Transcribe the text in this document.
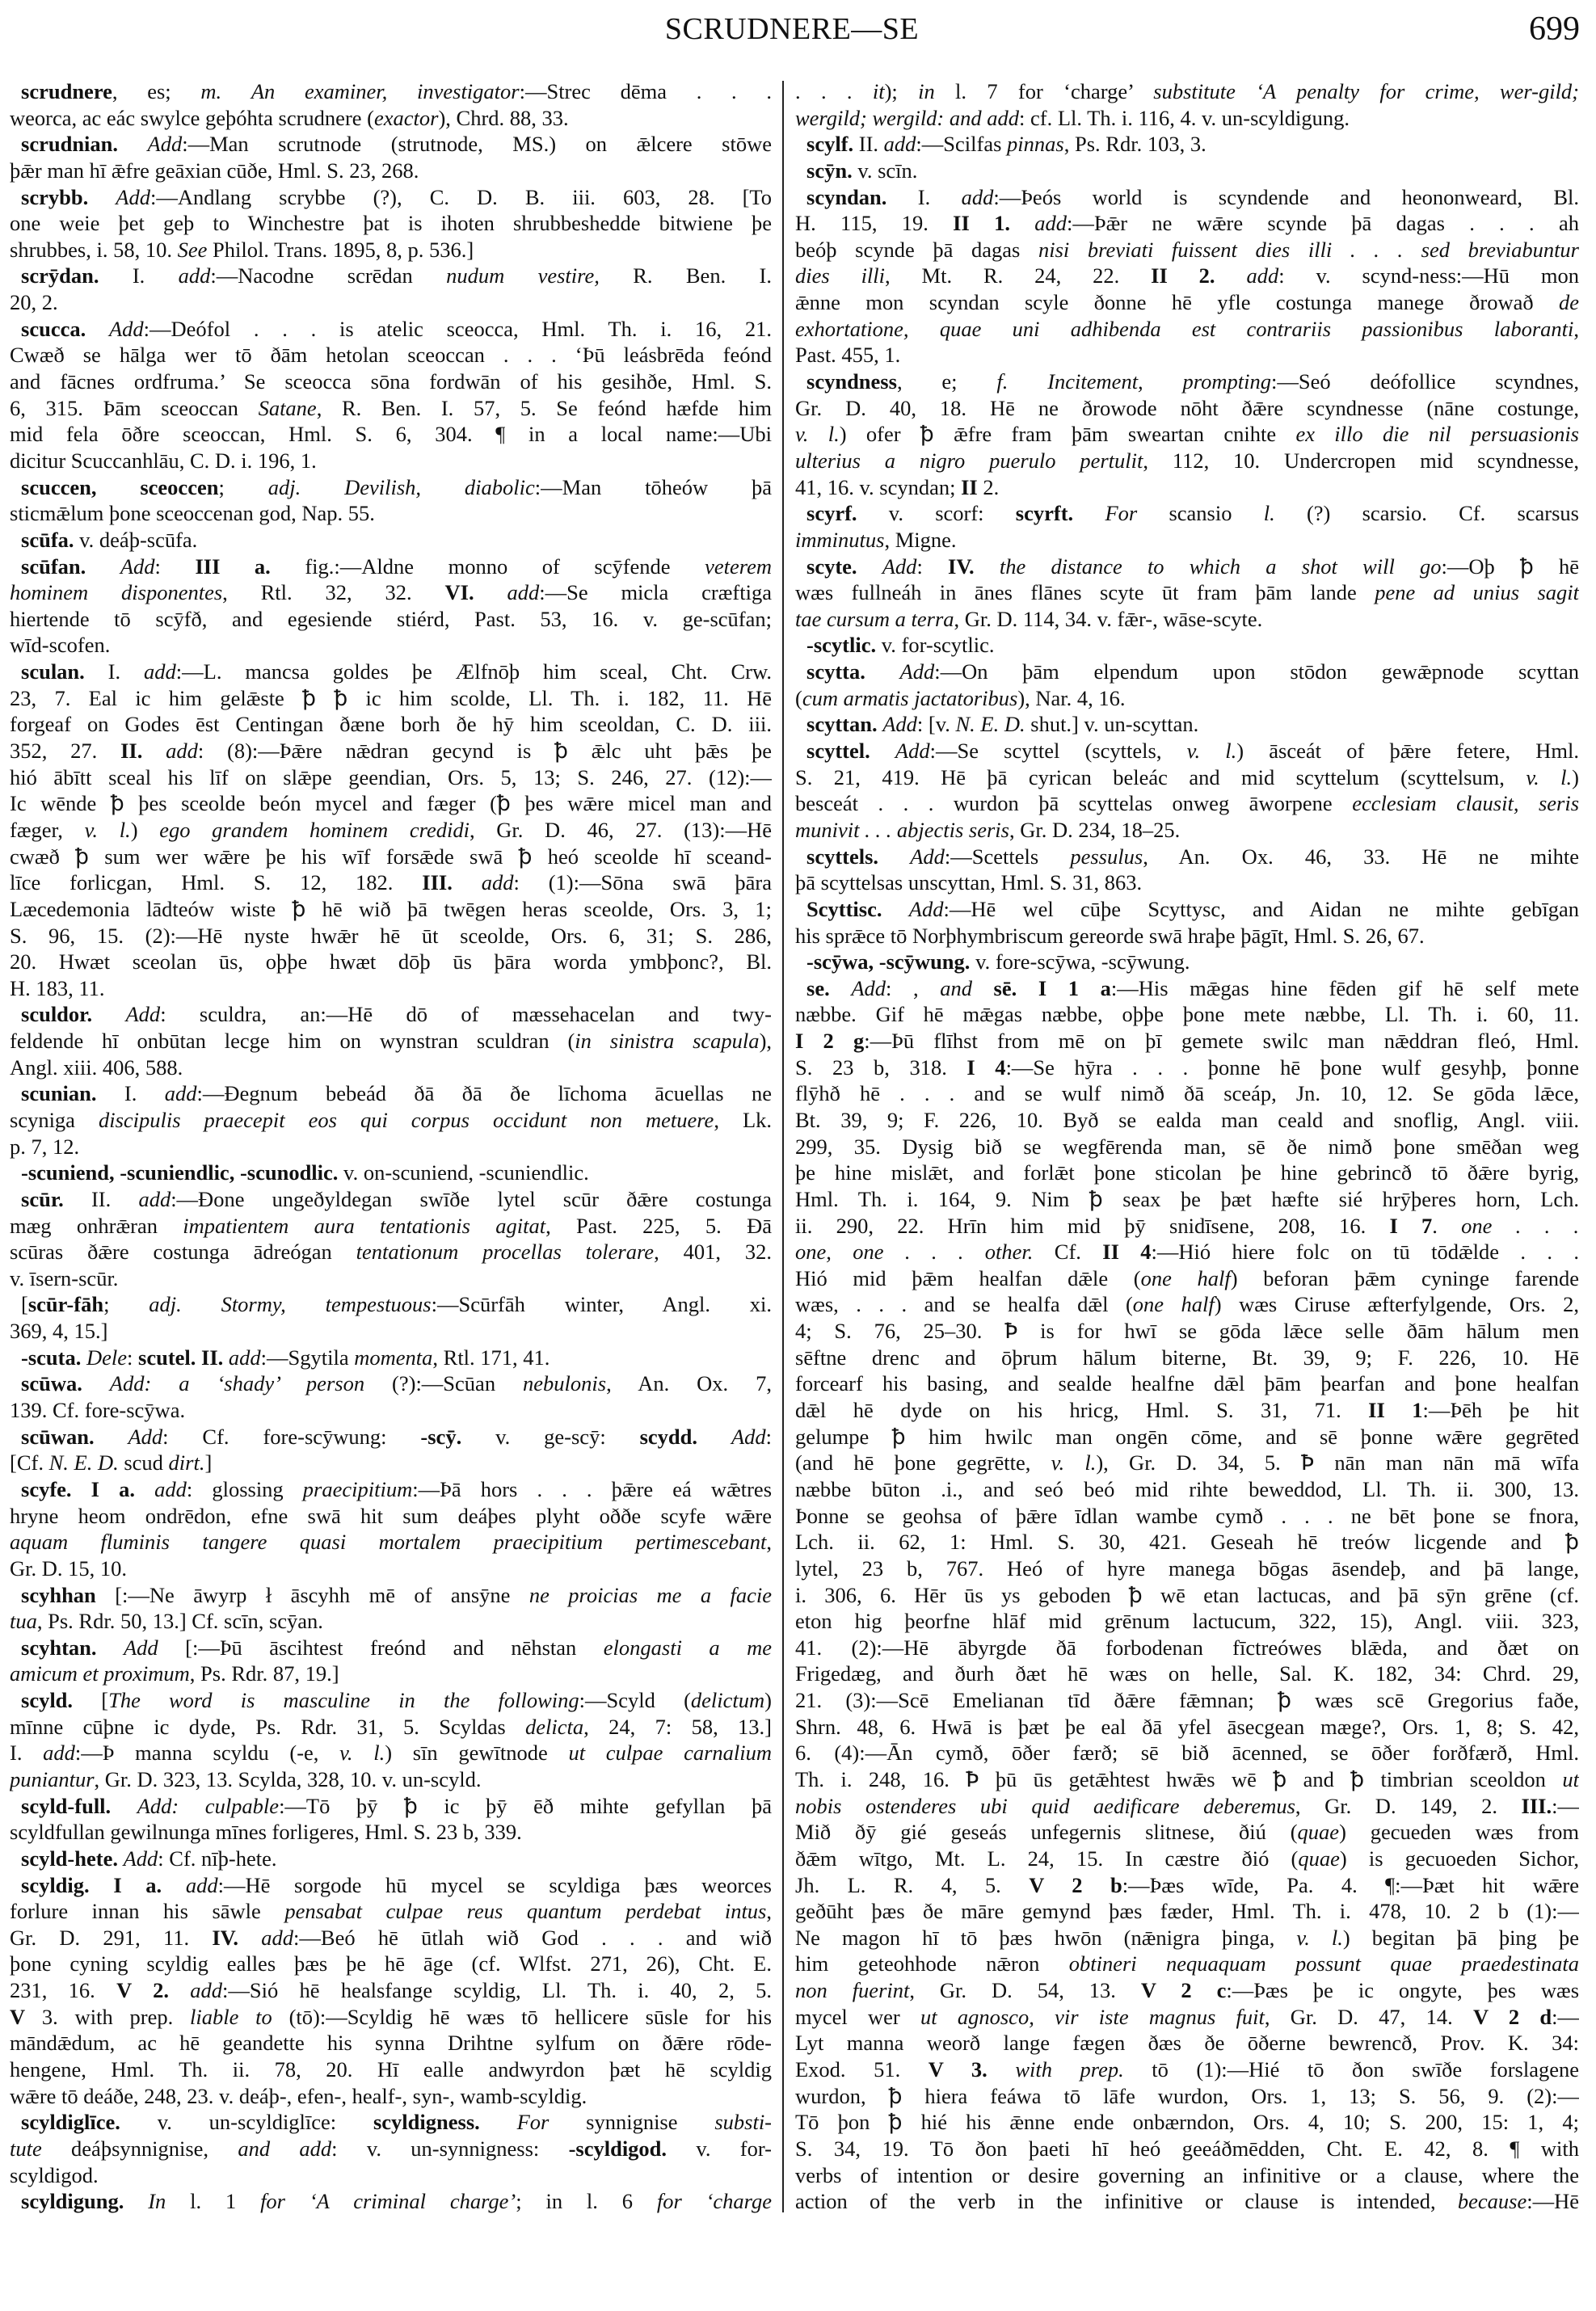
SCRUDNERE—SE	699
scrudnere, es; m. An examiner, investigator:—Strec dēma . . .
weorca, ac eác swylce geþóhta scrudnere (exactor), Chrd. 88, 33.
scrudnian. Add:—Man scrutnode (strutnode, MS.) on ǣlcere stōwe
þǣr man hī ǣfre geāxian cūðe, Hml. S. 23, 268.
scrybb. Add:—Andlang scrybbe (?), C. D. B. iii. 603, 28. [To
one weie þet geþ to Winchestre þat is ihoten shrubbeshedde bitwiene þe
shrubbes, i. 58, 10. See Philol. Trans. 1895, 8, p. 536.]
scrȳdan. I. add:—Nacodne scrēdan nudum vestire, R. Ben. I.
20, 2.
scucca. Add:—Deófol . . . is atelic sceocca, Hml. Th. i. 16, 21.
Cwæð se hālga wer tō ðām hetolan sceoccan . . . ‘Þū leásbrēda feónd
and fācnes ordfruma.’ Se sceocca sōna fordwān of his gesihðe, Hml. S.
6, 315. Þām sceoccan Satane, R. Ben. I. 57, 5. Se feónd hæfde him
mid fela ōðre sceoccan, Hml. S. 6, 304. ¶ in a local name:—Ubi
dicitur Scuccanhlāu, C. D. i. 196, 1.
scuccen, sceoccen; adj. Devilish, diabolic:—Man tōheów þā
sticmǣlum þone sceoccenan god, Nap. 55.
scūfa. v. deáþ-scūfa.
scūfan. Add: III a. fig.:—Aldne monno of scȳfende veterem
hominem disponentes, Rtl. 32, 32. VI. add:—Se micla cræftiga
hiertende tō scȳfð, and egesiende stiérd, Past. 53, 16. v. ge-scūfan;
wīd-scofen.
sculan. I. add:—L. mancsa goldes þe Ælfnōþ him sceal, Cht. Crw.
23, 7. Eal ic him gelǣste ꝥ ꝥ ic him scolde, Ll. Th. i. 182, 11. Hē
forgeaf on Godes ēst Centingan ðæne borh ðe hȳ him sceoldan, C. D. iii.
352, 27. II. add: (8):—Þǣre nǣdran gecynd is ꝥ ǣlc uht þǣs þe
hió ābītt sceal his līf on slǣpe geendian, Ors. 5, 13; S. 246, 27. (12):—
Ic wēnde ꝥ þes sceolde beón mycel and fæger (ꝥ þes wǣre micel man and
fæger, v. l.) ego grandem hominem credidi, Gr. D. 46, 27. (13):—Hē
cwæð ꝥ sum wer wǣre þe his wīf forsǣde swā ꝥ heó sceolde hī sceand-
līce forlicgan, Hml. S. 12, 182. III. add: (1):—Sōna swā þāra
Læcedemonia lādteów wiste ꝥ hē wið þā twēgen heras sceolde, Ors. 3, 1;
S. 96, 15. (2):—Hē nyste hwǣr hē ūt sceolde, Ors. 6, 31; S. 286,
20. Hwæt sceolan ūs, oþþe hwæt dōþ ūs þāra worda ymbþonc?, Bl.
H. 183, 11.
sculdor. Add: sculdra, an:—Hē dō of mæssehacelan and twy-
feldende hī onbūtan lecge him on wynstran sculdran (in sinistra scapula),
Angl. xiii. 406, 588.
scunian. I. add:—Ðegnum bebeád ðā ðā ðe līchoma ācuellas ne
scyniga discipulis praecepit eos qui corpus occidunt non metuere, Lk.
p. 7, 12.
-scuniend, -scuniendlic, -scunodlic. v. on-scuniend, -scuniendlic.
scūr. II. add:—Ðone ungeðyldegan swīðe lytel scūr ðǣre costunga
mæg onhrǣran impatientem aura tentationis agitat, Past. 225, 5. Ðā
scūras ðǣre costunga ādreógan tentationum procellas tolerare, 401, 32.
v. īsern-scūr.
[scūr-fāh; adj. Stormy, tempestuous:—Scūrfāh winter, Angl. xi.
369, 4, 15.]
-scuta. Dele: scutel. II. add:—Sgytila momenta, Rtl. 171, 41.
scūwa. Add: a ‘shady’ person (?):—Scūan nebulonis, An. Ox. 7,
139. Cf. fore-scȳwa.
scūwan. Add: Cf. fore-scȳwung: -scȳ. v. ge-scȳ: scydd. Add:
[Cf. N. E. D. scud dirt.]
scyfe. I a. add: glossing praecipitium:—Þā hors . . . þǣre eá wǣtres
hryne heom ondrēdon, efne swā hit sum deáþes plyht oððe scyfe wǣre
aquam fluminis tangere quasi mortalem praecipitium pertimescebant,
Gr. D. 15, 10.
scyhhan [:—Ne āwyrp ł āscyhh mē of ansȳne ne proicias me a facie
tua, Ps. Rdr. 50, 13.] Cf. scīn, scȳan.
scyhtan. Add [:—Þū āscihtest freónd and nēhstan elongasti a me
amicum et proximum, Ps. Rdr. 87, 19.]
scyld. [The word is masculine in the following:—Scyld (delictum)
mīnne cūþne ic dyde, Ps. Rdr. 31, 5. Scyldas delicta, 24, 7: 58, 13.]
I. add:—Þ manna scyldu (-e, v. l.) sīn gewītnode ut culpae carnalium
puniantur, Gr. D. 323, 13. Scylda, 328, 10. v. un-scyld.
scyld-full. Add: culpable:—Tō þȳ ꝥ ic þȳ ēð mihte gefyllan þā
scyldfullan gewilnunga mīnes forligeres, Hml. S. 23 b, 339.
scyld-hete. Add: Cf. nīþ-hete.
scyldig. I a. add:—Hē sorgode hū mycel se scyldiga þæs weorces
forlure innan his sāwle pensabat culpae reus quantum perdebat intus,
Gr. D. 291, 11. IV. add:—Beó hē ūtlah wið God . . . and wið
þone cyning scyldig ealles þæs þe hē āge (cf. Wlfst. 271, 26), Cht. E.
231, 16. V 2. add:—Sió hē healsfange scyldig, Ll. Th. i. 40, 2, 5.
V 3. with prep. liable to (tō):—Scyldig hē wæs tō hellicere sūsle for his
māndǣdum, ac hē geandette his synna Drihtne sylfum on ðǣre rōde-
hengene, Hml. Th. ii. 78, 20. Hī ealle andwyrdon þæt hē scyldig
wǣre tō deáðe, 248, 23. v. deáþ-, efen-, healf-, syn-, wamb-scyldig.
scyldiglīce. v. un-scyldiglīce: scyldigness. For synnignise substi-
tute deáþsynnignise, and add: v. un-synnigness: -scyldigod. v. for-
scyldigod.
scyldigung. In l. 1 for ‘A criminal charge’; in l. 6 for ‘charge
. . . it); in l. 7 for ‘charge’ substitute ‘A penalty for crime, wer-gild;
wergild; wergild: and add: cf. Ll. Th. i. 116, 4. v. un-scyldigung.
scylf. II. add:—Scilfas pinnas, Ps. Rdr. 103, 3.
scȳn. v. scīn.
scyndan. I. add:—Þeós world is scyndende and heononweard, Bl.
H. 115, 19. II 1. add:—Þǣr ne wǣre scynde þā dagas . . . ah
beóþ scynde þā dagas nisi breviati fuissent dies illi . . . sed breviabuntur
dies illi, Mt. R. 24, 22. II 2. add: v. scynd-ness:—Hū mon
ǣnne mon scyndan scyle ðonne hē yfle costunga manege ðrowað de
exhortatione, quae uni adhibenda est contrariis passionibus laboranti,
Past. 455, 1.
scyndness, e; f. Incitement, prompting:—Seó deófollice scyndnes,
Gr. D. 40, 18. Hē ne ðrowode nōht ðǣre scyndnesse (nāne costunge,
v. l.) ofer ꝥ ǣfre fram þām sweartan cnihte ex illo die nil persuasionis
ulterius a nigro puerulo pertulit, 112, 10. Undercropen mid scyndnesse,
41, 16. v. scyndan; II 2.
scyrf. v. scorf: scyrft. For scansio l. (?) scarsio. Cf. scarsus
imminutus, Migne.
scyte. Add: IV. the distance to which a shot will go:—Oþ ꝥ hē
wæs fullneáh in ānes flānes scyte ūt fram þām lande pene ad unius sagit
tae cursum a terra, Gr. D. 114, 34. v. fǣr-, wāse-scyte.
-scytlic. v. for-scytlic.
scytta. Add:—On þām elpendum upon stōdon gewǣpnode scyttan
(cum armatis jactatoribus), Nar. 4, 16.
scyttan. Add: [v. N. E. D. shut.] v. un-scyttan.
scyttel. Add:—Se scyttel (scyttels, v. l.) āsceát of þǣre fetere, Hml.
S. 21, 419. Hē þā cyrican beleác and mid scyttelum (scyttelsum, v. l.)
besceát . . . wurdon þā scyttelas onweg āworpene ecclesiam clausit, seris
munivit . . . abjectis seris, Gr. D. 234, 18–25.
scyttels. Add:—Scettels pessulus, An. Ox. 46, 33. Hē ne mihte
þā scyttelsas unscyttan, Hml. S. 31, 863.
Scyttisc. Add:—Hē wel cūþe Scyttysc, and Aidan ne mihte gebīgan
his sprǣce tō Norþhymbriscum gereorde swā hraþe þāgīt, Hml. S. 26, 67.
-scȳwa, -scȳwung. v. fore-scȳwa, -scȳwung.
se. Add: , and sē. I 1 a:—His mǣgas hine fēden gif hē self mete
næbbe. Gif hē mǣgas næbbe, oþþe þone mete næbbe, Ll. Th. i. 60, 11.
I 2 g:—Þū flīhst from mē on þī gemete swilc man nǣddran fleó, Hml.
S. 23 b, 318. I 4:—Se hȳra . . . þonne hē þone wulf gesyhþ, þonne
flȳhð hē . . . and se wulf nimð ðā sceáp, Jn. 10, 12. Se gōda lǣce,
Bt. 39, 9; F. 226, 10. Byð se ealda man ceald and snoflig, Angl. viii.
299, 35. Dysig bið se wegfērenda man, sē ðe nimð þone smēðan weg
þe hine mislǣt, and forlǣt þone sticolan þe hine gebrincð tō ðǣre byrig,
Hml. Th. i. 164, 9. Nim ꝥ seax þe þæt hæfte sié hrȳþeres horn, Lch.
ii. 290, 22. Hrīn him mid þȳ snidīsene, 208, 16. I 7. one . . .
one, one . . . other. Cf. II 4:—Hió hiere folc on tū tōdǣlde . . .
Hió mid þǣm healfan dǣle (one half) beforan þǣm cyninge farende
wæs, . . . and se healfa dǣl (one half) wæs Ciruse æfterfylgende, Ors. 2,
4; S. 76, 25–30. Ꝥ is for hwī se gōda lǣce selle ðām hālum men
sēftne drenc and ōþrum hālum biterne, Bt. 39, 9; F. 226, 10. Hē
forcearf his basing, and sealde healfne dǣl þām þearfan and þone healfan
dǣl hē dyde on his hricg, Hml. S. 31, 71. II 1:—Þēh þe hit
gelumpe ꝥ him hwilc man ongēn cōme, and sē þonne wǣre gegrēted
(and hē þone gegrētte, v. l.), Gr. D. 34, 5. Ꝥ nān man nān mā wīfa
næbbe būton .i., and seó beó mid rihte beweddod, Ll. Th. ii. 300, 13.
Þonne se geohsa of þǣre īdlan wambe cymð . . . ne bēt þone se fnora,
Lch. ii. 62, 1: Hml. S. 30, 421. Geseah hē treów licgende and ꝥ
lytel, 23 b, 767. Heó of hyre manega bōgas āsendeþ, and þā lange,
i. 306, 6. Hēr ūs ys geboden ꝥ wē etan lactucas, and þā sȳn grēne (cf.
eton hig þeorfne hlāf mid grēnum lactucum, 322, 15), Angl. viii. 323,
41. (2):—Hē ābyrgde ðā forbodenan fīctreówes blǣda, and ðæt on
Frigedæg, and ðurh ðæt hē wæs on helle, Sal. K. 182, 34: Chrd. 29,
21. (3):—Scē Emelianan tīd ðǣre fǣmnan; ꝥ wæs scē Gregorius faðe,
Shrn. 48, 6. Hwā is þæt þe eal ðā yfel āsecgean mæge?, Ors. 1, 8; S. 42,
6. (4):—Ān cymð, ōðer færð; sē bið ācenned, se ōðer forðfærð, Hml.
Th. i. 248, 16. Ꝥ þū ūs getǣhtest hwǣs wē ꝥ and ꝥ timbrian sceoldon ut
nobis ostenderes ubi quid aedificare deberemus, Gr. D. 149, 2. III.:—
Mið ðȳ gié geseás unfegernis slitnese, ðiú (quae) gecueden wæs from
ðǣm wītgo, Mt. L. 24, 15. In cæstre ðió (quae) is gecuoeden Sichor,
Jh. L. R. 4, 5. V 2 b:—Þæs wīde, Pa. 4. ¶:—Þæt hit wǣre
geðūht þæs ðe māre gemynd þæs fæder, Hml. Th. i. 478, 10. 2 b (1):—
Ne magon hī tō þæs hwōn (nǣnigra þinga, v. l.) begitan þā þing þe
him geteohhode nǣron obtineri nequaquam possunt quae praedestinata
non fuerint, Gr. D. 54, 13. V 2 c:—Þæs þe ic ongyte, þes wæs
mycel wer ut agnosco, vir iste magnus fuit, Gr. D. 47, 14. V 2 d:—
Lyt manna weorð lange fægen ðæs ðe ōðerne bewrencð, Prov. K. 34:
Exod. 51. V 3. with prep. tō (1):—Hié tō ðon swīðe forslagene
wurdon, ꝥ hiera feáwa tō lāfe wurdon, Ors. 1, 13; S. 56, 9. (2):—
Tō þon ꝥ hié his ǣnne ende onbærndon, Ors. 4, 10; S. 200, 15: 1, 4;
S. 34, 19. Tō ðon þaeti hī heó geeáðmēdden, Cht. E. 42, 8. ¶ with
verbs of intention or desire governing an infinitive or a clause, where the
action of the verb in the infinitive or clause is intended, because:—Hē
